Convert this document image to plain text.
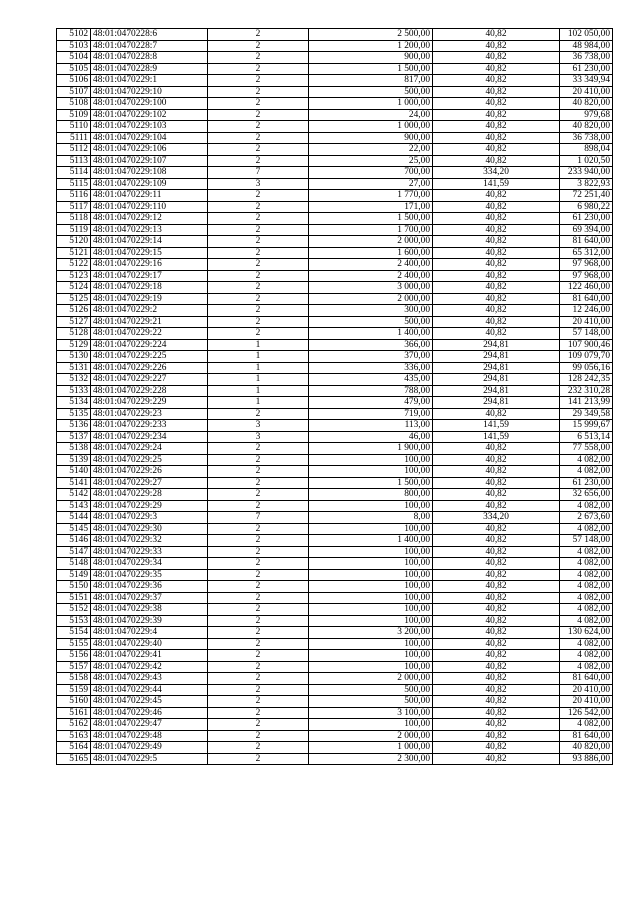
5102	48:01:0470228:6	2	2 500,00	40,82	102 050,00
5103	48:01:0470228:7	2	1 200,00	40,82	48 984,00
5104	48:01:0470228:8	2	900,00	40,82	36 738,00
5105	48:01:0470228:9	2	1 500,00	40,82	61 230,00
5106	48:01:0470229:1	2	817,00	40,82	33 349,94
5107	48:01:0470229:10	2	500,00	40,82	20 410,00
5108	48:01:0470229:100	2	1 000,00	40,82	40 820,00
5109	48:01:0470229:102	2	24,00	40,82	979,68
5110	48:01:0470229:103	2	1 000,00	40,82	40 820,00
5111	48:01:0470229:104	2	900,00	40,82	36 738,00
5112	48:01:0470229:106	2	22,00	40,82	898,04
5113	48:01:0470229:107	2	25,00	40,82	1 020,50
5114	48:01:0470229:108	7	700,00	334,20	233 940,00
5115	48:01:0470229:109	3	27,00	141,59	3 822,93
5116	48:01:0470229:11	2	1 770,00	40,82	72 251,40
5117	48:01:0470229:110	2	171,00	40,82	6 980,22
5118	48:01:0470229:12	2	1 500,00	40,82	61 230,00
5119	48:01:0470229:13	2	1 700,00	40,82	69 394,00
5120	48:01:0470229:14	2	2 000,00	40,82	81 640,00
5121	48:01:0470229:15	2	1 600,00	40,82	65 312,00
5122	48:01:0470229:16	2	2 400,00	40,82	97 968,00
5123	48:01:0470229:17	2	2 400,00	40,82	97 968,00
5124	48:01:0470229:18	2	3 000,00	40,82	122 460,00
5125	48:01:0470229:19	2	2 000,00	40,82	81 640,00
5126	48:01:0470229:2	2	300,00	40,82	12 246,00
5127	48:01:0470229:21	2	500,00	40,82	20 410,00
5128	48:01:0470229:22	2	1 400,00	40,82	57 148,00
5129	48:01:0470229:224	1	366,00	294,81	107 900,46
5130	48:01:0470229:225	1	370,00	294,81	109 079,70
5131	48:01:0470229:226	1	336,00	294,81	99 056,16
5132	48:01:0470229:227	1	435,00	294,81	128 242,35
5133	48:01:0470229:228	1	788,00	294,81	232 310,28
5134	48:01:0470229:229	1	479,00	294,81	141 213,99
5135	48:01:0470229:23	2	719,00	40,82	29 349,58
5136	48:01:0470229:233	3	113,00	141,59	15 999,67
5137	48:01:0470229:234	3	46,00	141,59	6 513,14
5138	48:01:0470229:24	2	1 900,00	40,82	77 558,00
5139	48:01:0470229:25	2	100,00	40,82	4 082,00
5140	48:01:0470229:26	2	100,00	40,82	4 082,00
5141	48:01:0470229:27	2	1 500,00	40,82	61 230,00
5142	48:01:0470229:28	2	800,00	40,82	32 656,00
5143	48:01:0470229:29	2	100,00	40,82	4 082,00
5144	48:01:0470229:3	7	8,00	334,20	2 673,60
5145	48:01:0470229:30	2	100,00	40,82	4 082,00
5146	48:01:0470229:32	2	1 400,00	40,82	57 148,00
5147	48:01:0470229:33	2	100,00	40,82	4 082,00
5148	48:01:0470229:34	2	100,00	40,82	4 082,00
5149	48:01:0470229:35	2	100,00	40,82	4 082,00
5150	48:01:0470229:36	2	100,00	40,82	4 082,00
5151	48:01:0470229:37	2	100,00	40,82	4 082,00
5152	48:01:0470229:38	2	100,00	40,82	4 082,00
5153	48:01:0470229:39	2	100,00	40,82	4 082,00
5154	48:01:0470229:4	2	3 200,00	40,82	130 624,00
5155	48:01:0470229:40	2	100,00	40,82	4 082,00
5156	48:01:0470229:41	2	100,00	40,82	4 082,00
5157	48:01:0470229:42	2	100,00	40,82	4 082,00
5158	48:01:0470229:43	2	2 000,00	40,82	81 640,00
5159	48:01:0470229:44	2	500,00	40,82	20 410,00
5160	48:01:0470229:45	2	500,00	40,82	20 410,00
5161	48:01:0470229:46	2	3 100,00	40,82	126 542,00
5162	48:01:0470229:47	2	100,00	40,82	4 082,00
5163	48:01:0470229:48	2	2 000,00	40,82	81 640,00
5164	48:01:0470229:49	2	1 000,00	40,82	40 820,00
5165	48:01:0470229:5	2	2 300,00	40,82	93 886,00
